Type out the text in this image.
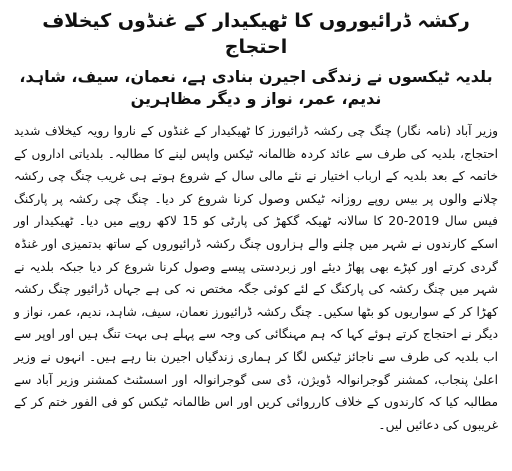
رکشہ ڈرائیوروں کا ٹھیکیدار کے غنڈوں کیخلاف احتجاج
بلدیہ ٹیکسوں نے زندگی اجیرن بنادی ہے، نعمان، سیف، شاہد، ندیم، عمر، نواز و دیگر مظاہرین

وزیر آباد (نامہ نگار) چنگ چی رکشہ ڈرائیورز کا ٹھیکیدار کے غنڈوں کے ناروا رویہ کیخلاف شدید احتجاج، بلدیہ کی طرف سے عائد کردہ ظالمانہ ٹیکس واپس لینے کا مطالبہ۔ بلدیاتی اداروں کے خاتمہ کے بعد بلدیہ کے ارباب اختیار نے نئے مالی سال کے شروع ہوتے ہی غریب چنگ چی رکشہ چلانے والوں پر بیس روپے روزانہ ٹیکس وصول کرنا شروع کر دیا۔ چنگ چی رکشہ پر پارکنگ فیس سال 2019-20 کا سالانہ ٹھیکہ گکھڑ کی پارٹی کو 15 لاکھ روپے میں دیا۔ ٹھیکیدار اور اسکے کارندوں نے شہر میں چلنے والے ہزاروں چنگ رکشہ ڈرائیوروں کے ساتھ بدتمیزی اور غنڈہ گردی کرتے اور کپڑے بھی پھاڑ دیئے اور زبردستی پیسے وصول کرنا شروع کر دیا جبکہ بلدیہ نے شہر میں چنگ رکشہ کی پارکنگ کے لئے کوئی جگہ مختص نہ کی ہے جہاں ڈرائیور چنگ رکشہ کھڑا کر کے سواریوں کو بٹھا سکیں۔ چنگ رکشہ ڈرائیورز نعمان، سیف، شاہد، ندیم، عمر، نواز و دیگر نے احتجاج کرتے ہوئے کہا کہ ہم مہنگائی کی وجہ سے پہلے ہی بہت تنگ ہیں اور اوپر سے اب بلدیہ کی طرف سے ناجائز ٹیکس لگا کر ہماری زندگیاں اجیرن بنا رہے ہیں۔ انہوں نے وزیر اعلیٰ پنجاب، کمشنر گوجرانوالہ ڈویژن، ڈی سی گوجرانوالہ اور اسسٹنٹ کمشنر وزیر آباد سے مطالبہ کیا کہ کارندوں کے خلاف کارروائی کریں اور اس ظالمانہ ٹیکس کو فی الفور ختم کر کے غریبوں کی دعائیں لیں۔
